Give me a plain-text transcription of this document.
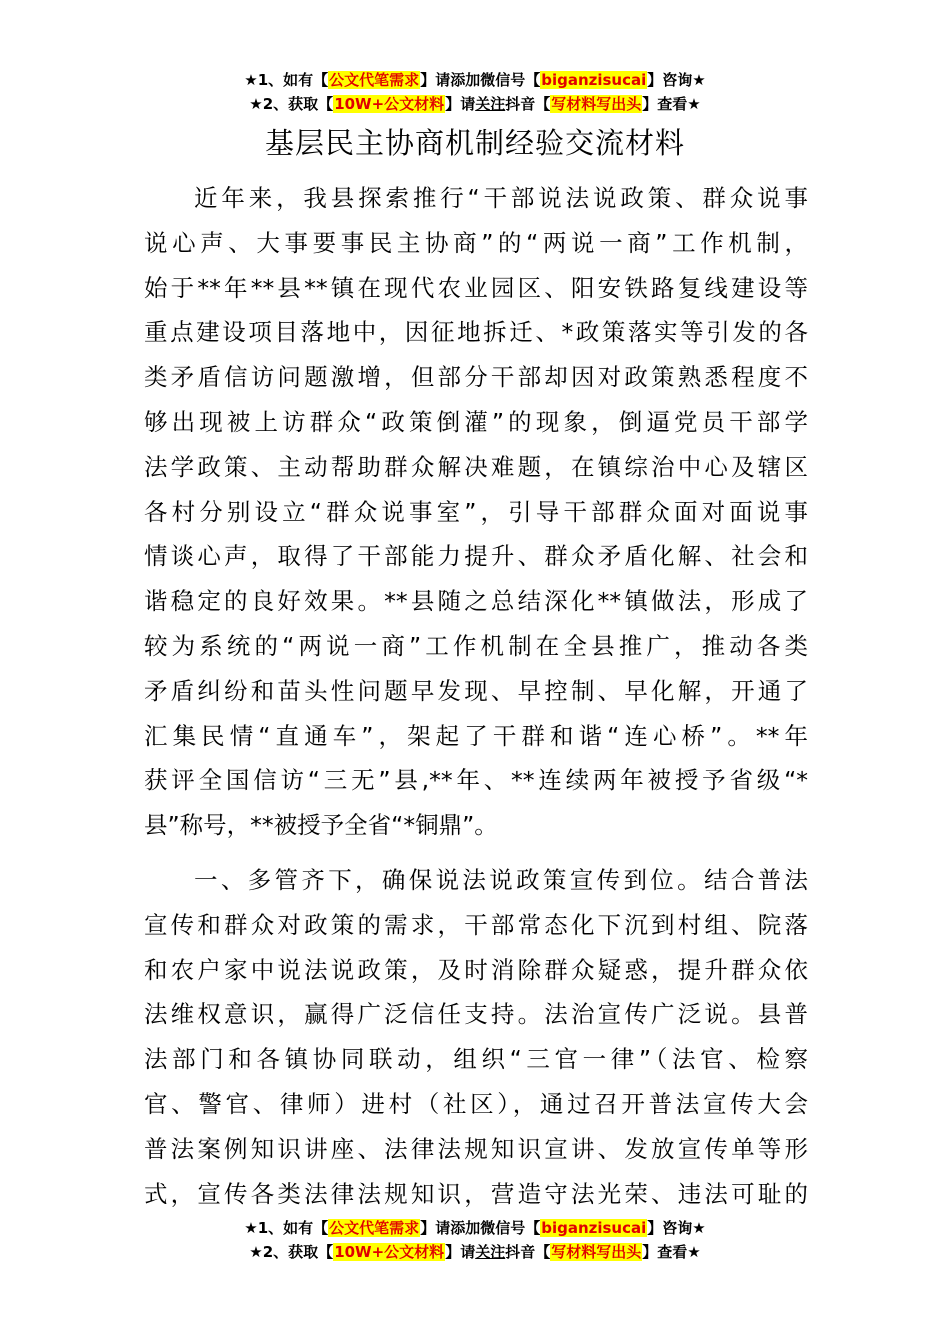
★1、如有【公文代笔需求】请添加微信号【biganzisucai】咨询★
★2、获取【10W+公文材料】请关注抖音【写材料写出头】查看★
基层民主协商机制经验交流材料
近年来，我县探索推行“干部说法说政策、群众说事
说心声、大事要事民主协商”的“两说一商”工作机制，
始于**年**县**镇在现代农业园区、阳安铁路复线建设等
重点建设项目落地中，因征地拆迁、*政策落实等引发的各
类矛盾信访问题激增，但部分干部却因对政策熟悉程度不
够出现被上访群众“政策倒灌”的现象，倒逼党员干部学
法学政策、主动帮助群众解决难题，在镇综治中心及辖区
各村分别设立“群众说事室”，引导干部群众面对面说事
情谈心声，取得了干部能力提升、群众矛盾化解、社会和
谐稳定的良好效果。**县随之总结深化**镇做法，形成了
较为系统的“两说一商”工作机制在全县推广，推动各类
矛盾纠纷和苗头性问题早发现、早控制、早化解，开通了
汇集民情“直通车”，架起了干群和谐“连心桥”。**年
获评全国信访“三无”县,**年、**连续两年被授予省级“*
县”称号，**被授予全省“*铜鼎”。
一、多管齐下，确保说法说政策宣传到位。结合普法
宣传和群众对政策的需求，干部常态化下沉到村组、院落
和农户家中说法说政策，及时消除群众疑惑，提升群众依
法维权意识，赢得广泛信任支持。法治宣传广泛说。县普
法部门和各镇协同联动，组织“三官一律”（法官、检察
官、警官、律师）进村（社区），通过召开普法宣传大会
普法案例知识讲座、法律法规知识宣讲、发放宣传单等形
式，宣传各类法律法规知识，营造守法光荣、违法可耻的
★1、如有【公文代笔需求】请添加微信号【biganzisucai】咨询★
★2、获取【10W+公文材料】请关注抖音【写材料写出头】查看★
